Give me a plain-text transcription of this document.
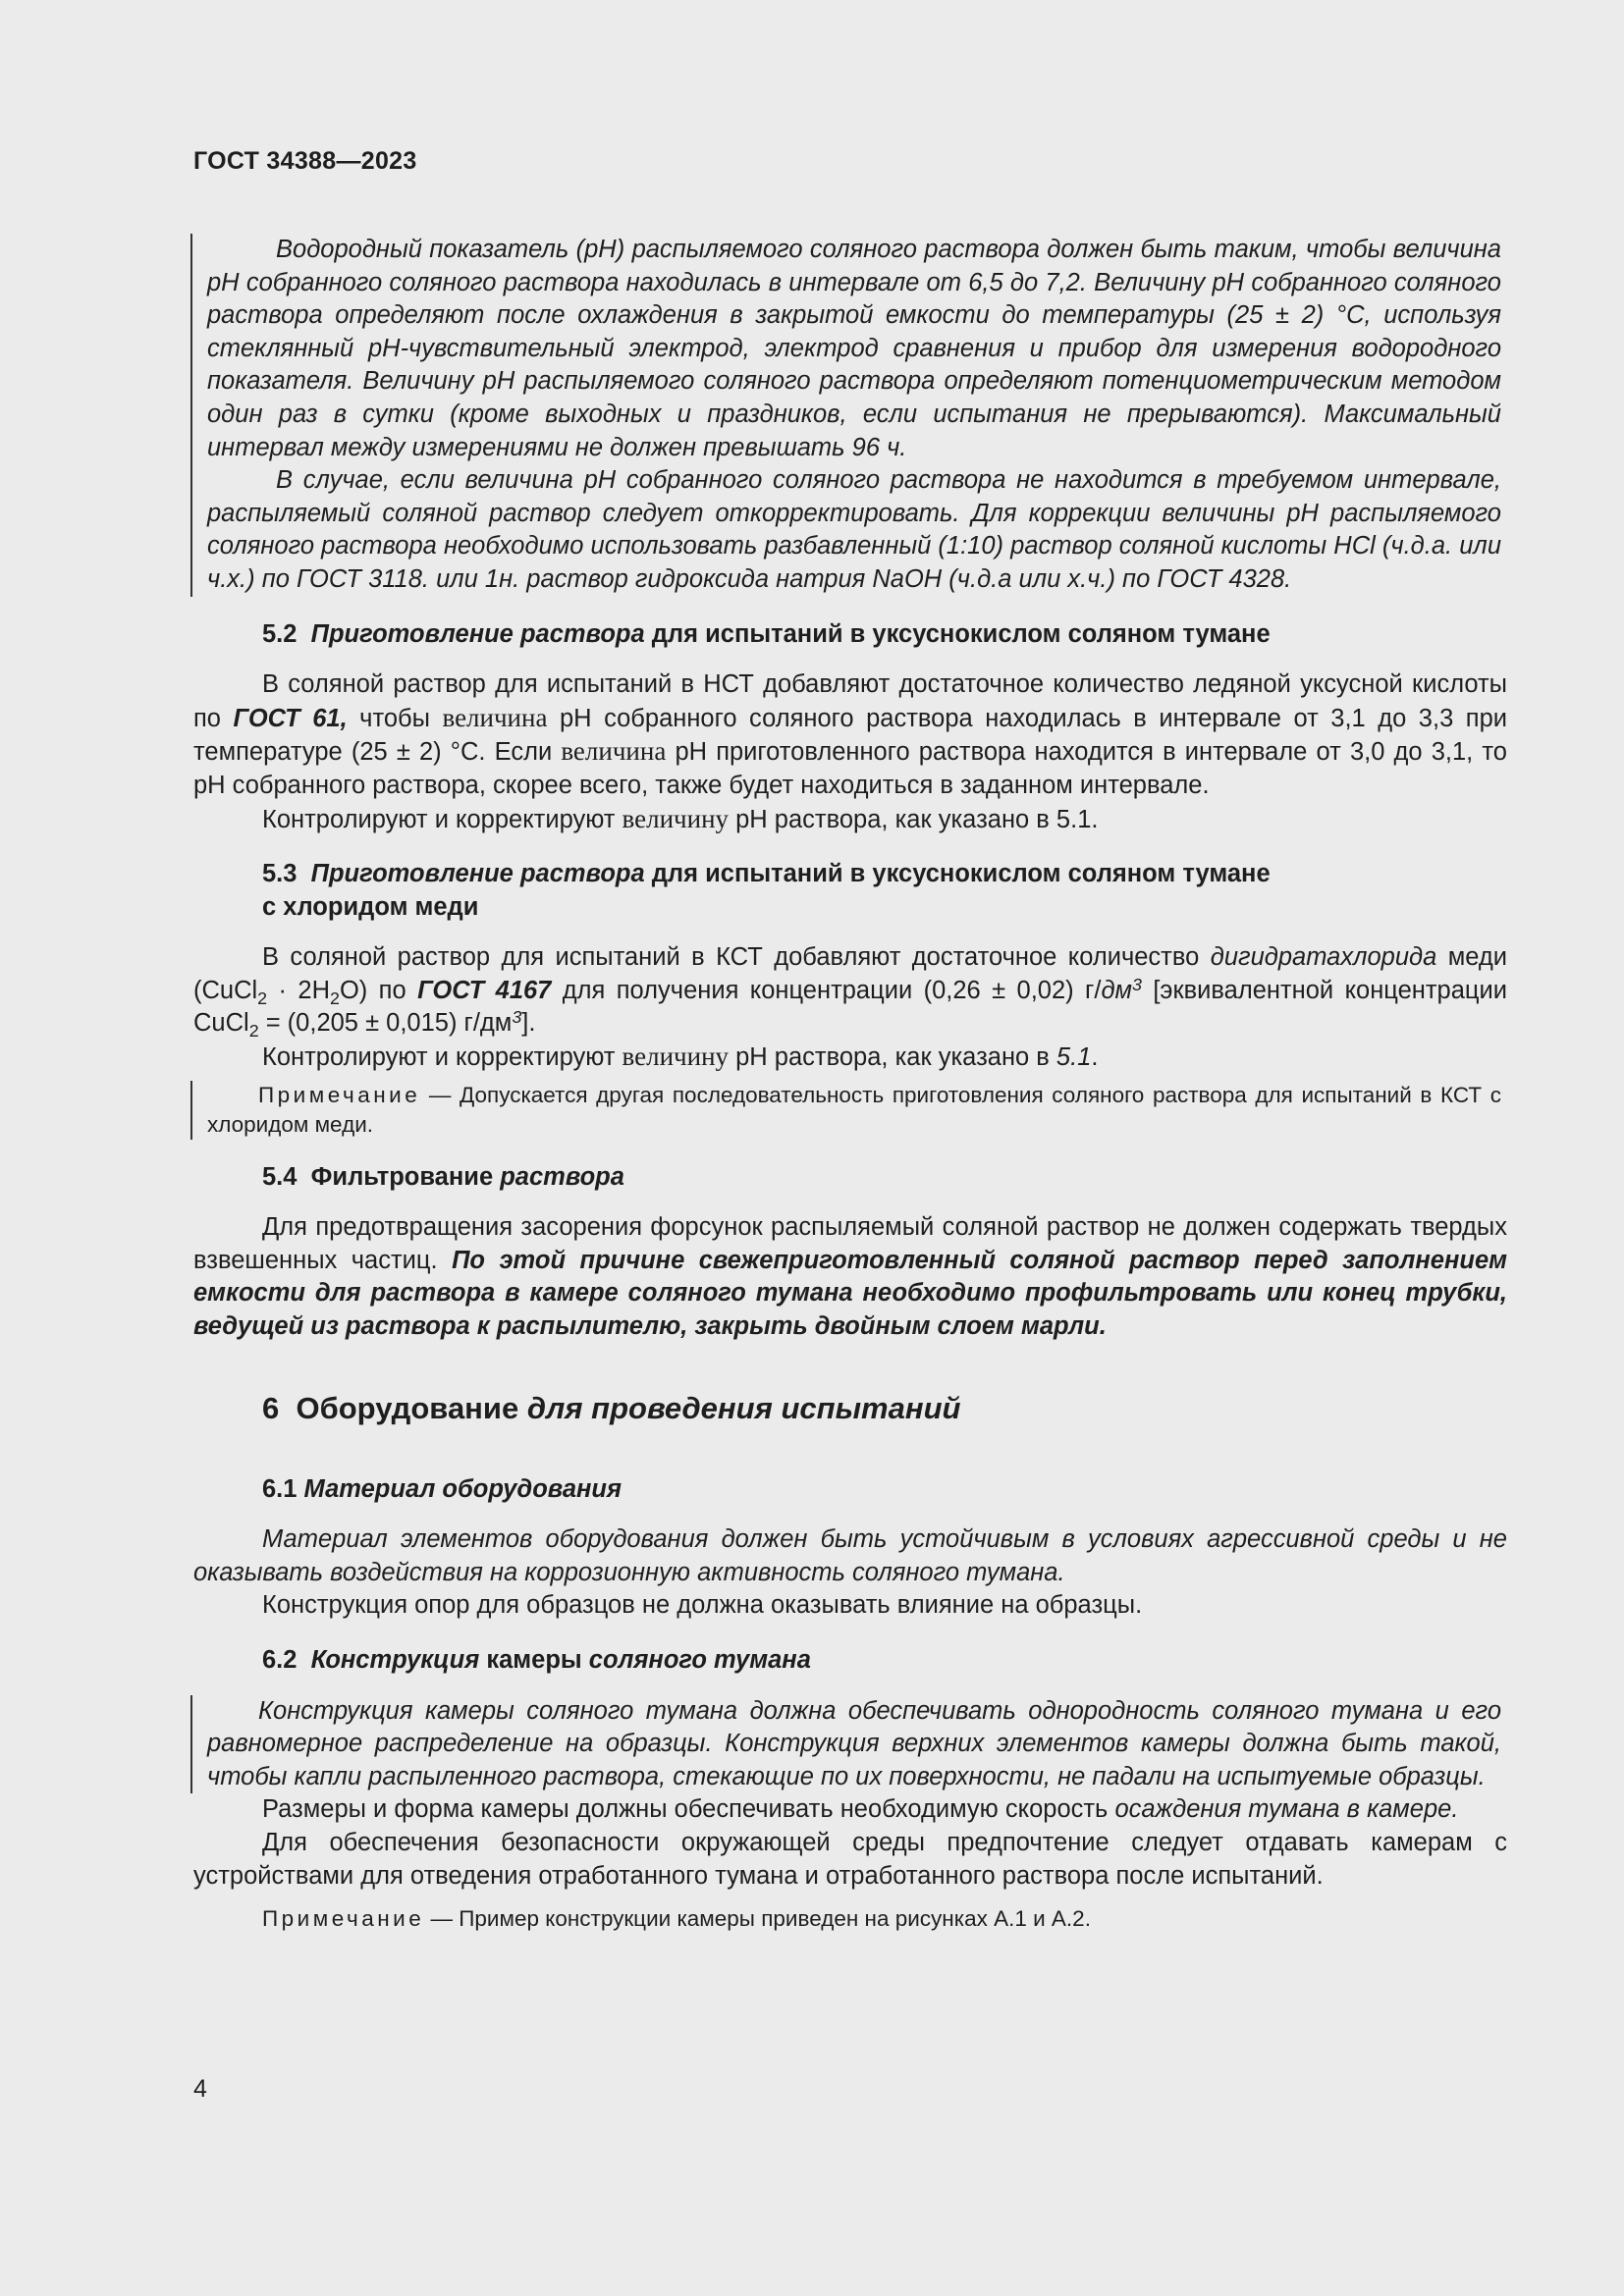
ГОСТ 34388—2023

Водородный показатель (рН) распыляемого соляного раствора должен быть таким, чтобы величина рН собранного соляного раствора находилась в интервале от 6,5 до 7,2. Величину рН собранного соляного раствора определяют после охлаждения в закрытой емкости до температуры (25 ± 2) °С, используя стеклянный рН-чувствительный электрод, электрод сравнения и прибор для измерения водородного показателя. Величину рН распыляемого соляного раствора определяют потенциометрическим методом один раз в сутки (кроме выходных и праздников, если испытания не прерываются). Максимальный интервал между измерениями не должен превышать 96 ч.

В случае, если величина рН собранного соляного раствора не находится в требуемом интервале, распыляемый соляной раствор следует откорректировать. Для коррекции величины рН распыляемого соляного раствора необходимо использовать разбавленный (1:10) раствор соляной кислоты HCl (ч.д.а. или ч.х.) по ГОСТ 3118. или 1н. раствор гидроксида натрия NaOH (ч.д.а или х.ч.) по ГОСТ 4328.

5.2 Приготовление раствора для испытаний в уксуснокислом соляном тумане

В соляной раствор для испытаний в НСТ добавляют достаточное количество ледяной уксусной кислоты по ГОСТ 61, чтобы величина рН собранного соляного раствора находилась в интервале от 3,1 до 3,3 при температуре (25 ± 2) °С. Если величина рН приготовленного раствора находится в интервале от 3,0 до 3,1, то рН собранного раствора, скорее всего, также будет находиться в заданном интервале.

Контролируют и корректируют величину рН раствора, как указано в 5.1.

5.3 Приготовление раствора для испытаний в уксуснокислом соляном тумане
с хлоридом меди

В соляной раствор для испытаний в КСТ добавляют достаточное количество дигидратахлорида меди (CuCl$_2$ · $2H_2O$) по ГОСТ 4167 для получения концентрации (0,26 ± 0,02) $г/дм^3$ [эквивалентной концентрации CuCl$_2$ = (0,205 ± 0,015) $г/дм^3$].

Контролируют и корректируют величину рН раствора, как указано в 5.1.

Примечание — Допускается другая последовательность приготовления соляного раствора для испытаний в КСТ с хлоридом меди.

5.4 Фильтрование раствора

Для предотвращения засорения форсунок распыляемый соляной раствор не должен содержать твердых взвешенных частиц. По этой причине свежеприготовленный соляной раствор перед заполнением емкости для раствора в камере соляного тумана необходимо профильтровать или конец трубки, ведущей из раствора к распылителю, закрыть двойным слоем марли.

6 Оборудование для проведения испытаний
6.1 Материал оборудования

Материал элементов оборудования должен быть устойчивым в условиях агрессивной среды и не оказывать воздействия на коррозионную активность соляного тумана.

Конструкция опор для образцов не должна оказывать влияние на образцы.

6.2 Конструкция камеры соляного тумана

Конструкция камеры соляного тумана должна обеспечивать однородность соляного тумана и его равномерное распределение на образцы. Конструкция верхних элементов камеры должна быть такой, чтобы капли распыленного раствора, стекающие по их поверхности, не падали на испытуемые образцы.

Размеры и форма камеры должны обеспечивать необходимую скорость осаждения тумана в камере.

Для обеспечения безопасности окружающей среды предпочтение следует отдавать камерам с устройствами для отведения отработанного тумана и отработанного раствора после испытаний.

Примечание — Пример конструкции камеры приведен на рисунках А.1 и А.2.

4
